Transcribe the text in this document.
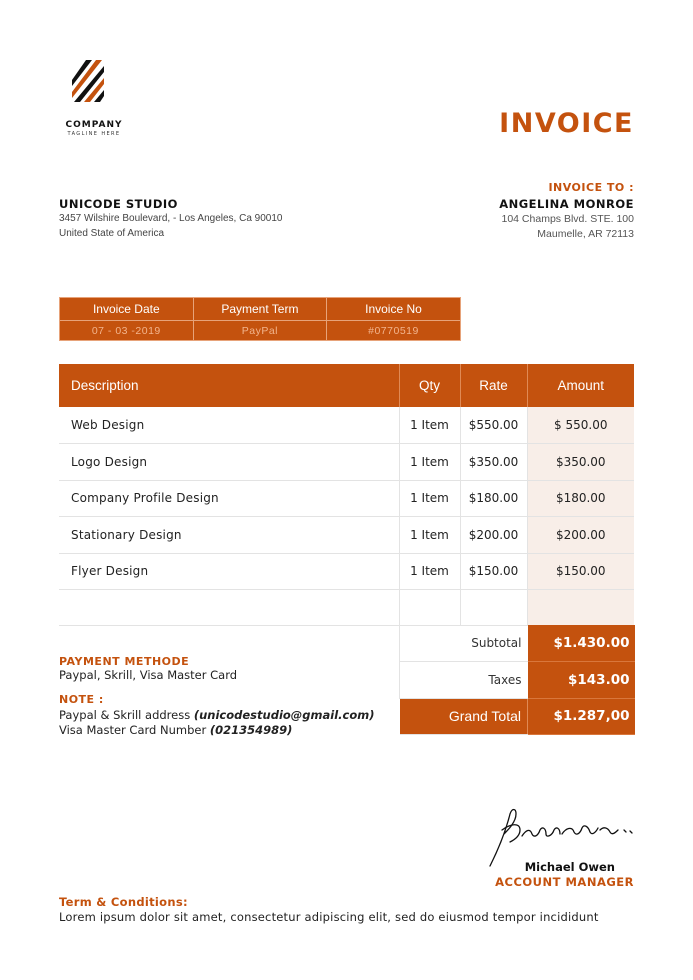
COMPANY
TAGLINE HERE	INVOICE
UNICODE STUDIO
3457 Wilshire Boulevard, - Los Angeles, Ca 90010
United State of America
INVOICE TO :
ANGELINA MONROE
104 Champs Blvd. STE. 100
Maumelle, AR 72113
Invoice Date	Payment Term	Invoice No
07 - 03 -2019	PayPal	#0770519
Description	Qty	Rate	Amount
Web Design	1 Item	$550.00	$ 550.00
Logo Design	1 Item	$350.00	$350.00
Company Profile Design	1 Item	$180.00	$180.00
Stationary Design	1 Item	$200.00	$200.00
Flyer Design	1 Item	$150.00	$150.00

Subtotal	$1.430.00
Taxes	$143.00
Grand Total	$1.287,00
PAYMENT METHODE
Paypal, Skrill, Visa Master Card
NOTE :
Paypal & Skrill address (unicodestudio@gmail.com)
Visa Master Card Number (021354989)
Michael Owen
ACCOUNT MANAGER
Term & Conditions:
Lorem ipsum dolor sit amet, consectetur adipiscing elit, sed do eiusmod tempor incididunt
